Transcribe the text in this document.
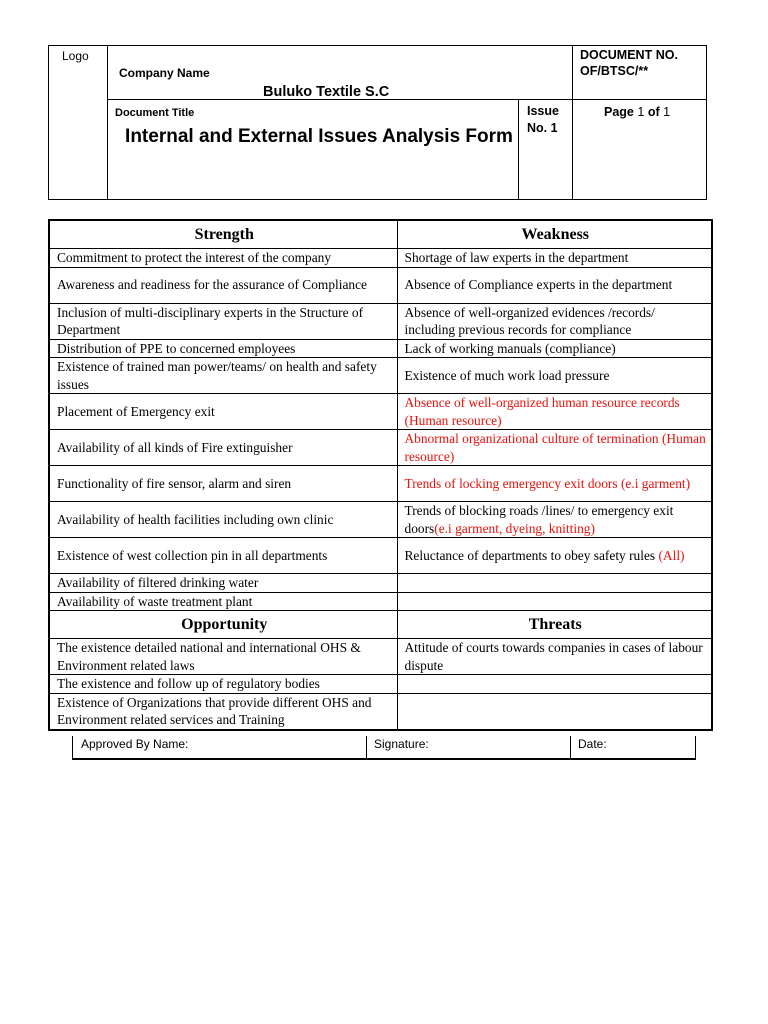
Logo
Company Name
Buluko Textile S.C
DOCUMENT NO.
OF/BTSC/**
Document Title
Internal and External Issues Analysis Form
Issue
No. 1
Page 1 of 1
Strength	Weakness
Commitment to protect the interest of the company	Shortage of law experts in the department
Awareness and readiness for the assurance of Compliance	Absence of Compliance experts in the department
Inclusion of multi-disciplinary experts in the Structure of Department	Absence of well-organized evidences /records/ including previous records for compliance
Distribution of PPE to concerned employees	Lack of working manuals (compliance)
Existence of trained man power/teams/ on health and safety issues	Existence of much work load pressure
Placement of Emergency exit	Absence of well-organized human resource records (Human resource)
Availability of all kinds of Fire extinguisher	Abnormal organizational culture of termination (Human resource)
Functionality of fire sensor, alarm and siren	Trends of locking emergency exit doors (e.i garment)
Availability of health facilities including own clinic	Trends of blocking roads /lines/ to emergency exit doors(e.i garment, dyeing, knitting)
Existence of west collection pin in all departments	Reluctance of departments to obey safety rules (All)
Availability of filtered drinking water	
Availability of waste treatment plant	
Opportunity	Threats
The existence detailed national and international OHS & Environment related laws	Attitude of courts towards companies in cases of labour dispute
The existence and follow up of regulatory bodies	
Existence of Organizations that provide different OHS and Environment related services and Training	
Approved By Name:	Signature:	Date:
